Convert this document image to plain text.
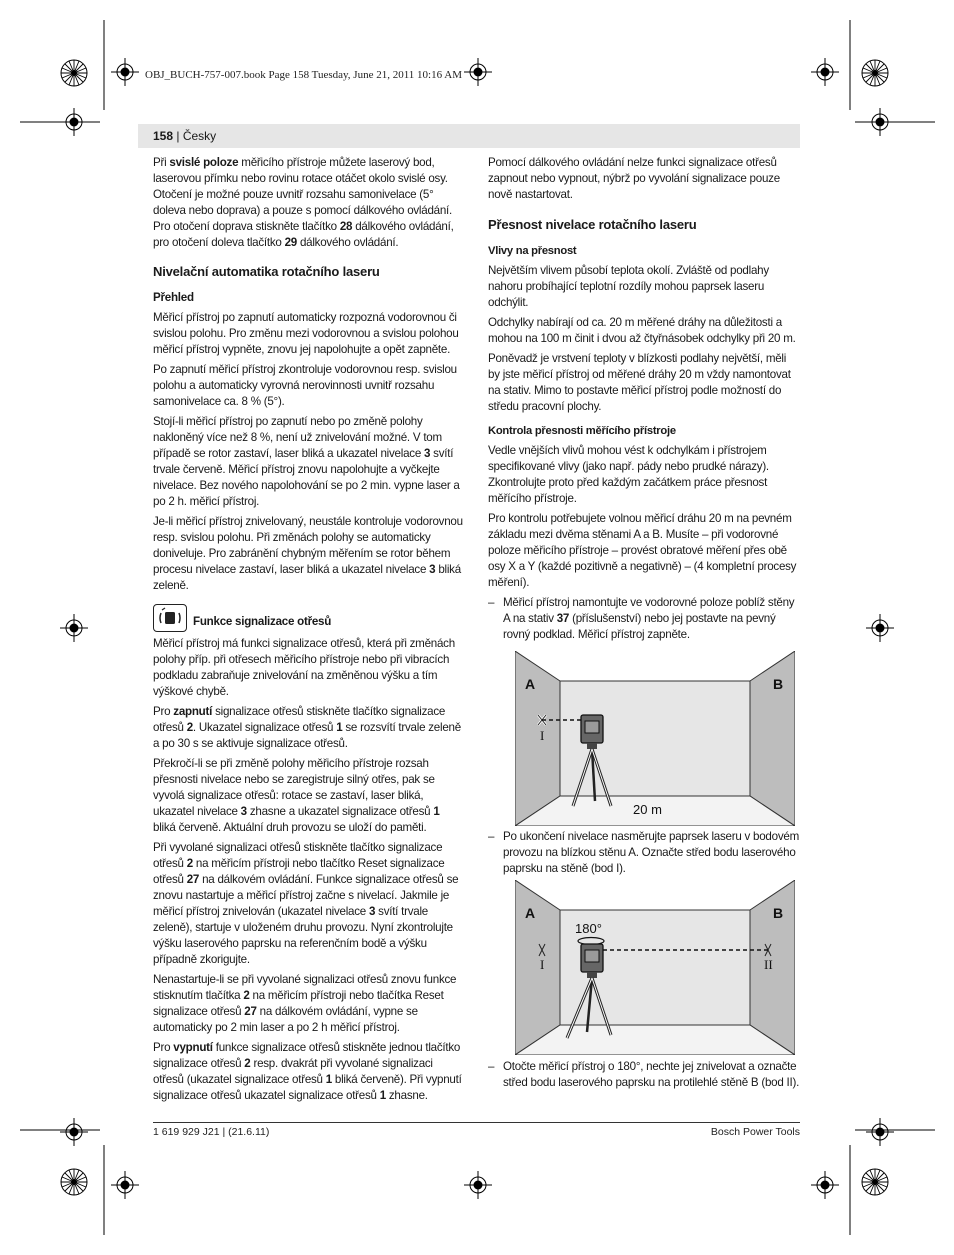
OBJ_BUCH-757-007.book Page 158 Tuesday, June 21, 2011 10:16 AM
158 | Česky

Při svislé poloze měřicího přístroje můžete laserový bod, laserovou přímku nebo rovinu rotace otáčet okolo svislé osy. Otočení je možné pouze uvnitř rozsahu samonivelace (5° doleva nebo doprava) a pouze s pomocí dálkového ovládání. Pro otočení doprava stiskněte tlačítko 28 dálkového ovládání, pro otočení doleva tlačítko 29 dálkového ovládání.

Nivelační automatika rotačního laseru
Přehled

Měřicí přístroj po zapnutí automaticky rozpozná vodorovnou či svislou polohu. Pro změnu mezi vodorovnou a svislou polohou měřicí přístroj vypněte, znovu jej napolohujte a opět zapněte.

Po zapnutí měřicí přístroj zkontroluje vodorovnou resp. svislou polohu a automaticky vyrovná nerovinnosti uvnitř rozsahu samonivelace ca. 8 % (5°).

Stojí-li měřicí přístroj po zapnutí nebo po změně polohy nakloněný více než 8 %, není už znivelování možné. V tom případě se rotor zastaví, laser bliká a ukazatel nivelace 3 svítí trvale červeně. Měřicí přístroj znovu napolohujte a vyčkejte nivelace. Bez nového napolohování se po 2 min. vypne laser a po 2 h. měřicí přístroj.

Je-li měřicí přístroj znivelovaný, neustále kontroluje vodorovnou resp. svislou polohu. Při změnách polohy se automaticky doniveluje. Pro zabránění chybným měřením se rotor během procesu nivelace zastaví, laser bliká a ukazatel nivelace 3 bliká zeleně.

Funkce signalizace otřesů

Měřicí přístroj má funkci signalizace otřesů, která při změnách polohy příp. při otřesech měřicího přístroje nebo při vibracích podkladu zabraňuje znivelování na změněnou výšku a tím výškové chybě.

Pro zapnutí signalizace otřesů stiskněte tlačítko signalizace otřesů 2. Ukazatel signalizace otřesů 1 se rozsvítí trvale zeleně a po 30 s se aktivuje signalizace otřesů.

Překročí-li se při změně polohy měřicího přístroje rozsah přesnosti nivelace nebo se zaregistruje silný otřes, pak se vyvolá signalizace otřesů: rotace se zastaví, laser bliká, ukazatel nivelace 3 zhasne a ukazatel signalizace otřesů 1 bliká červeně. Aktuální druh provozu se uloží do paměti.

Při vyvolané signalizaci otřesů stiskněte tlačítko signalizace otřesů 2 na měřicím přístroji nebo tlačítko Reset signalizace otřesů 27 na dálkovém ovládání. Funkce signalizace otřesů se znovu nastartuje a měřicí přístroj začne s nivelací. Jakmile je měřicí přístroj znivelován (ukazatel nivelace 3 svítí trvale zeleně), startuje v uloženém druhu provozu. Nyní zkontrolujte výšku laserového paprsku na referenčním bodě a výšku případně zkorigujte.

Nenastartuje-li se při vyvolané signalizaci otřesů znovu funkce stisknutím tlačítka 2 na měřicím přístroji nebo tlačítka Reset signalizace otřesů 27 na dálkovém ovládání, vypne se automaticky po 2 min laser a po 2 h měřicí přístroj.

Pro vypnutí funkce signalizace otřesů stiskněte jednou tlačítko signalizace otřesů 2 resp. dvakrát při vyvolané signalizaci otřesů (ukazatel signalizace otřesů 1 bliká červeně). Při vypnutí signalizace otřesů ukazatel signalizace otřesů 1 zhasne.

Pomocí dálkového ovládání nelze funkci signalizace otřesů zapnout nebo vypnout, nýbrž po vyvolání signalizace pouze nově nastartovat.

Přesnost nivelace rotačního laseru
Vlivy na přesnost

Největším vlivem působí teplota okolí. Zvláště od podlahy nahoru probíhající teplotní rozdíly mohou paprsek laseru odchýlit.

Odchylky nabírají od ca. 20 m měřené dráhy na důležitosti a mohou na 100 m činit i dvou až čtyřnásobek odchylky při 20 m.

Poněvadž je vrstvení teploty v blízkosti podlahy největší, měli by jste měřicí přístroj od měřené dráhy 20 m vždy namontovat na stativ. Mimo to postavte měřicí přístroj podle možností do středu pracovní plochy.

Kontrola přesnosti měřícího přístroje

Vedle vnějších vlivů mohou vést k odchylkám i přístrojem specifikované vlivy (jako např. pády nebo prudké nárazy). Zkontrolujte proto před každým začátkem práce přesnost měřícího přístroje.

Pro kontrolu potřebujete volnou měřicí dráhu 20 m na pevném základu mezi dvěma stěnami A a B. Musíte – při vodorovné poloze měřicího přístroje – provést obratové měření přes obě osy X a Y (každé pozitivně a negativně) – (4 kompletní procesy měření).

– Měřicí přístroj namontujte ve vodorovné poloze poblíž stěny A na stativ 37 (příslušenství) nebo jej postavte na pevný rovný podklad. Měřicí přístroj zapněte.
A	B
I
20 m
– Po ukončení nivelace nasměrujte paprsek laseru v bodovém provozu na blízkou stěnu A. Označte střed bodu laserového paprsku na stěně (bod I).
A	B
180°
I	II
– Otočte měřicí přístroj o 180°, nechte jej znivelovat a označte střed bodu laserového paprsku na protilehlé stěně B (bod II).
1 619 929 J21 | (21.6.11)	Bosch Power Tools
